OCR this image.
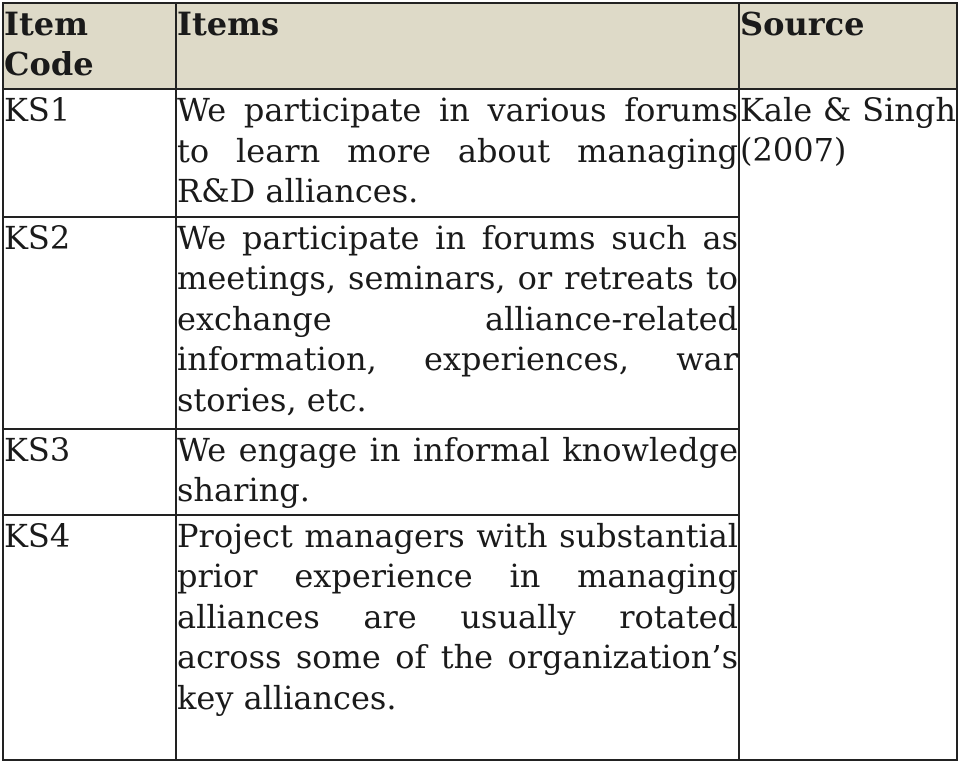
Item Code	Items	Source
KS1	We participate in various forums to learn more about managing R&D alliances.	Kale & Singh (2007)
KS2	We participate in forums such as meetings, seminars, or retreats to exchange alliance-related information, experiences, war stories, etc.	
KS3	We engage in informal knowledge sharing.	
KS4	Project managers with substantial prior experience in managing alliances are usually rotated across some of the organization’s key alliances.	
